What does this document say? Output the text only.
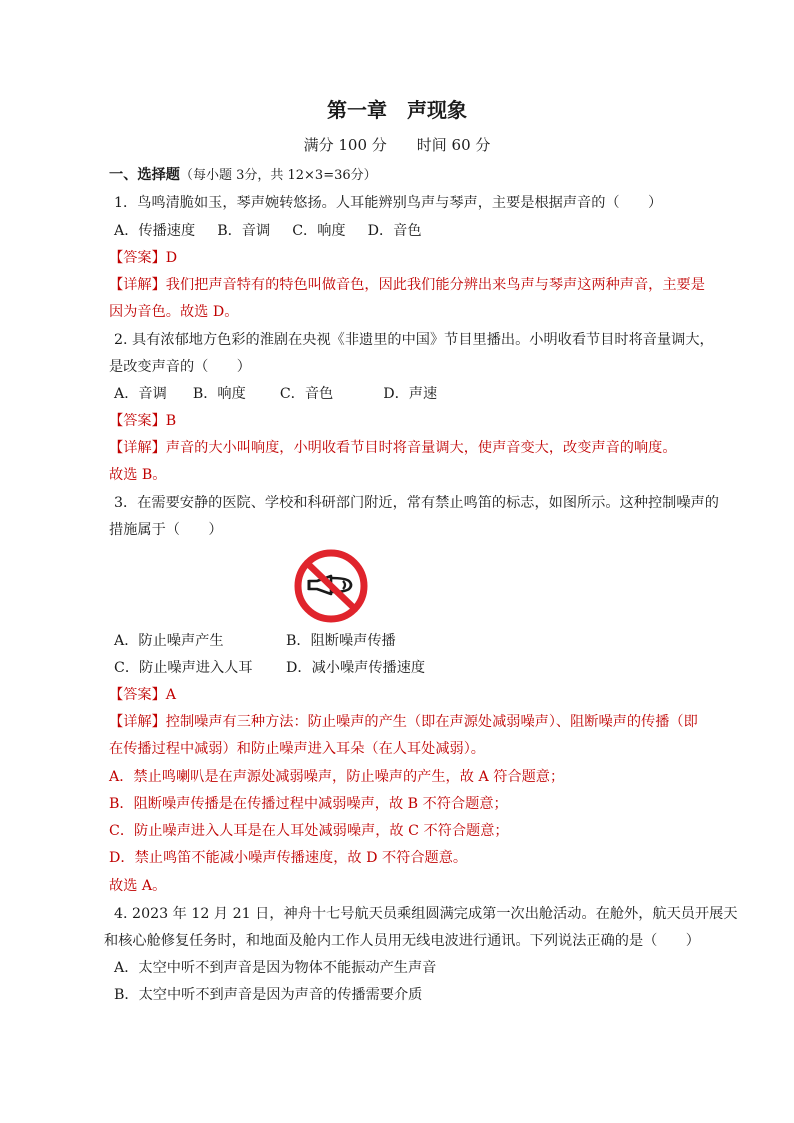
第一章　声现象
满分 100 分　　时间 60 分
一、选择题（每小题 3分，共 12×3=36分）
1．鸟鸣清脆如玉，琴声婉转悠扬。人耳能辨别鸟声与琴声，主要是根据声音的（　　）
A．传播速度 B．音调 C．响度 D．音色
【答案】D
【详解】我们把声音特有的特色叫做音色，因此我们能分辨出来鸟声与琴声这两种声音，主要是
因为音色。故选 D。
2. 具有浓郁地方色彩的淮剧在央视《非遗里的中国》节目里播出。小明收看节目时将音量调大，
是改变声音的（　　）
A．音调 B．响度 C．音色	D．声速
【答案】B
【详解】声音的大小叫响度，小明收看节目时将音量调大，使声音变大，改变声音的响度。
故选 B。
3．在需要安静的医院、学校和科研部门附近，常有禁止鸣笛的标志，如图所示。这种控制噪声的
措施属于（　　）
A．防止噪声产生	B．阻断噪声传播
C．防止噪声进入人耳 D．减小噪声传播速度
【答案】A
【详解】控制噪声有三种方法：防止噪声的产生（即在声源处减弱噪声）、阻断噪声的传播（即
在传播过程中减弱）和防止噪声进入耳朵（在人耳处减弱）。
A．禁止鸣喇叭是在声源处减弱噪声，防止噪声的产生，故 A 符合题意；
B．阻断噪声传播是在传播过程中减弱噪声，故 B 不符合题意；
C．防止噪声进入人耳是在人耳处减弱噪声，故 C 不符合题意；
D．禁止鸣笛不能减小噪声传播速度，故 D 不符合题意。
故选 A。
4. 2023 年 12 月 21 日，神舟十七号航天员乘组圆满完成第一次出舱活动。在舱外，航天员开展天
和核心舱修复任务时，和地面及舱内工作人员用无线电波进行通讯。下列说法正确的是（　　）
A．太空中听不到声音是因为物体不能振动产生声音
B．太空中听不到声音是因为声音的传播需要介质
